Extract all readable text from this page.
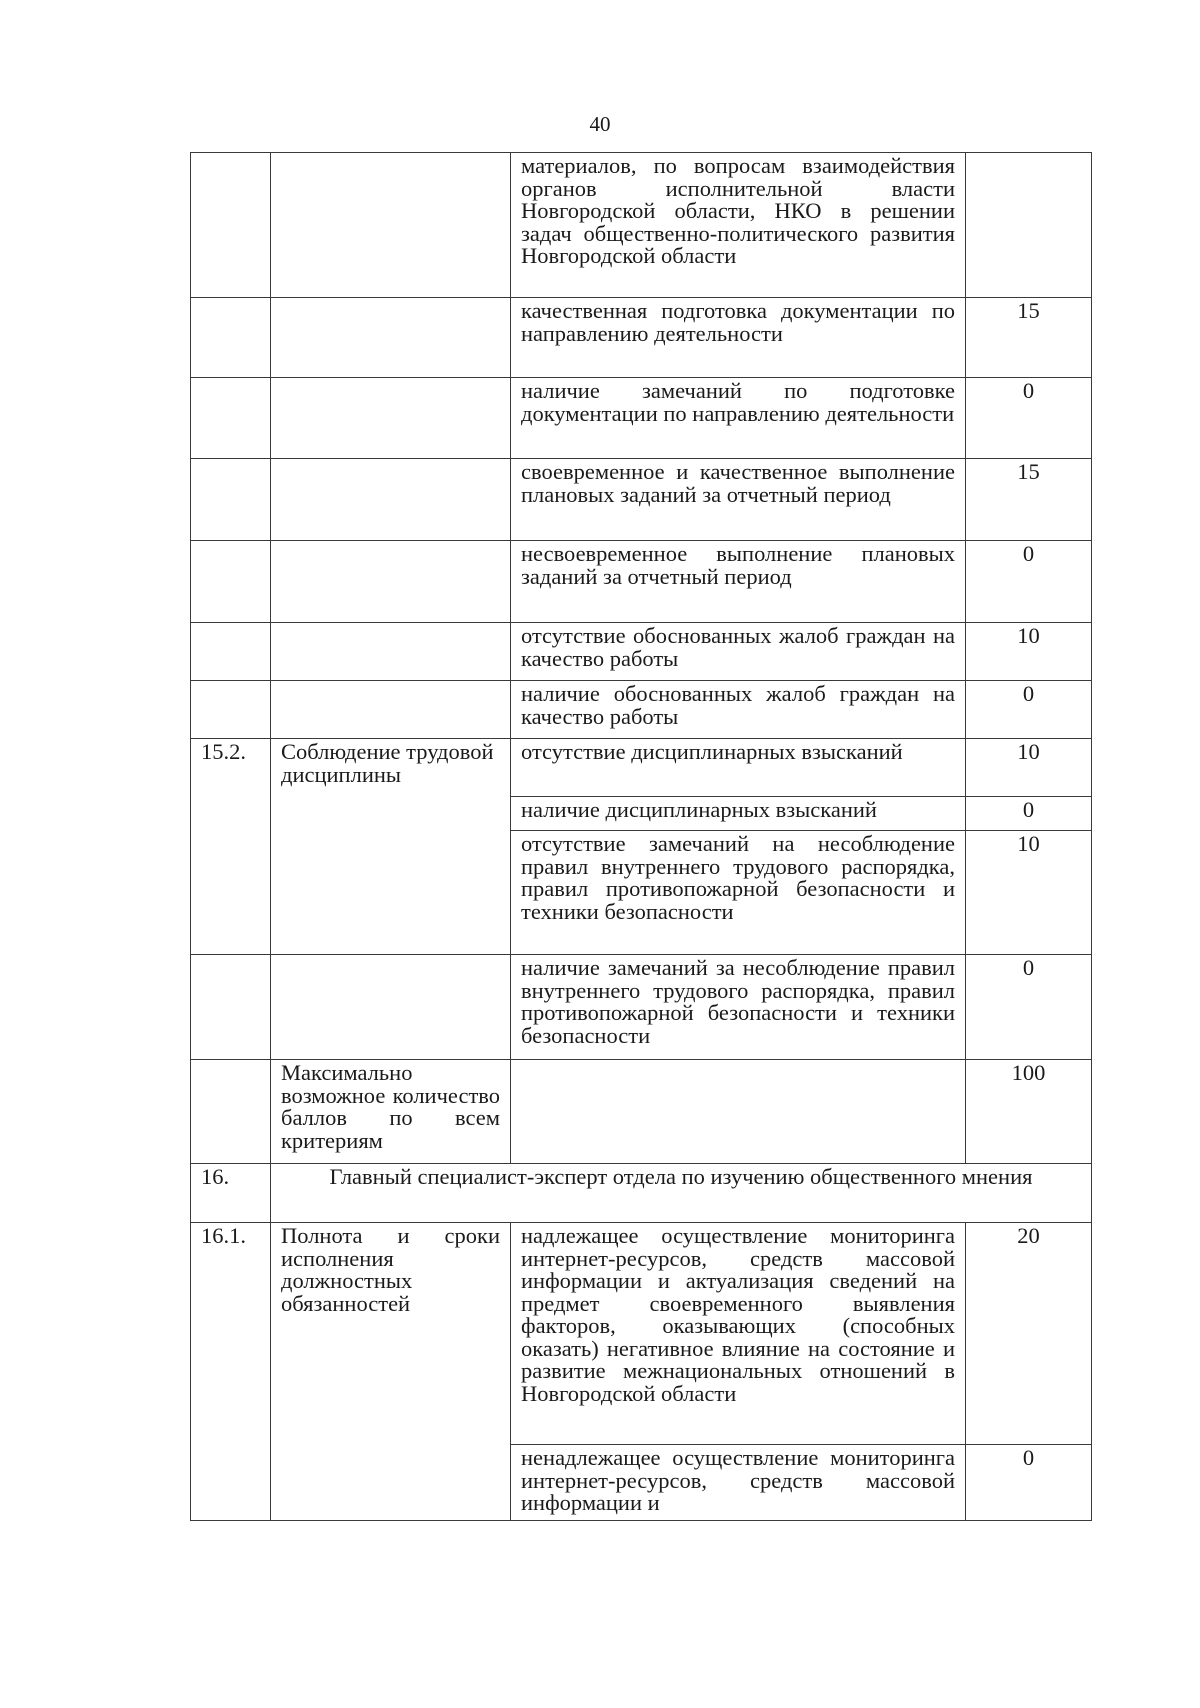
40
		материалов, по вопросам взаимодействия органов исполнительной власти Новгородской области, НКО в решении задач общественно-политического развития Новгородской области	
		качественная подготовка документации по направлению деятельности	15
		наличие замечаний по подготовке документации по направлению деятельности	0
		своевременное и качественное выполнение плановых заданий за отчетный период	15
		несвоевременное выполнение плановых заданий за отчетный период	0
		отсутствие обоснованных жалоб граждан на качество работы	10
		наличие обоснованных жалоб граждан на качество работы	0
15.2.	Соблюдение трудовой дисциплины	отсутствие дисциплинарных взысканий	10
		наличие дисциплинарных взысканий	0
		отсутствие замечаний на несоблюдение правил внутреннего трудового распорядка, правил противопожарной безопасности и техники безопасности	10
		наличие замечаний за несоблюдение правил внутреннего трудового распорядка, правил противопожарной безопасности и техники безопасности	0
	Максимально возможное количество баллов по всем критериям		100
16.	Главный специалист-эксперт отдела по изучению общественного мнения		
16.1.	Полнота и сроки исполнения должностных обязанностей	надлежащее осуществление мониторинга интернет-ресурсов, средств массовой информации и актуализация сведений на предмет своевременного выявления факторов, оказывающих (способных оказать) негативное влияние на состояние и развитие межнациональных отношений в Новгородской области	20
		ненадлежащее осуществление мониторинга интернет-ресурсов, средств массовой информации и	0
